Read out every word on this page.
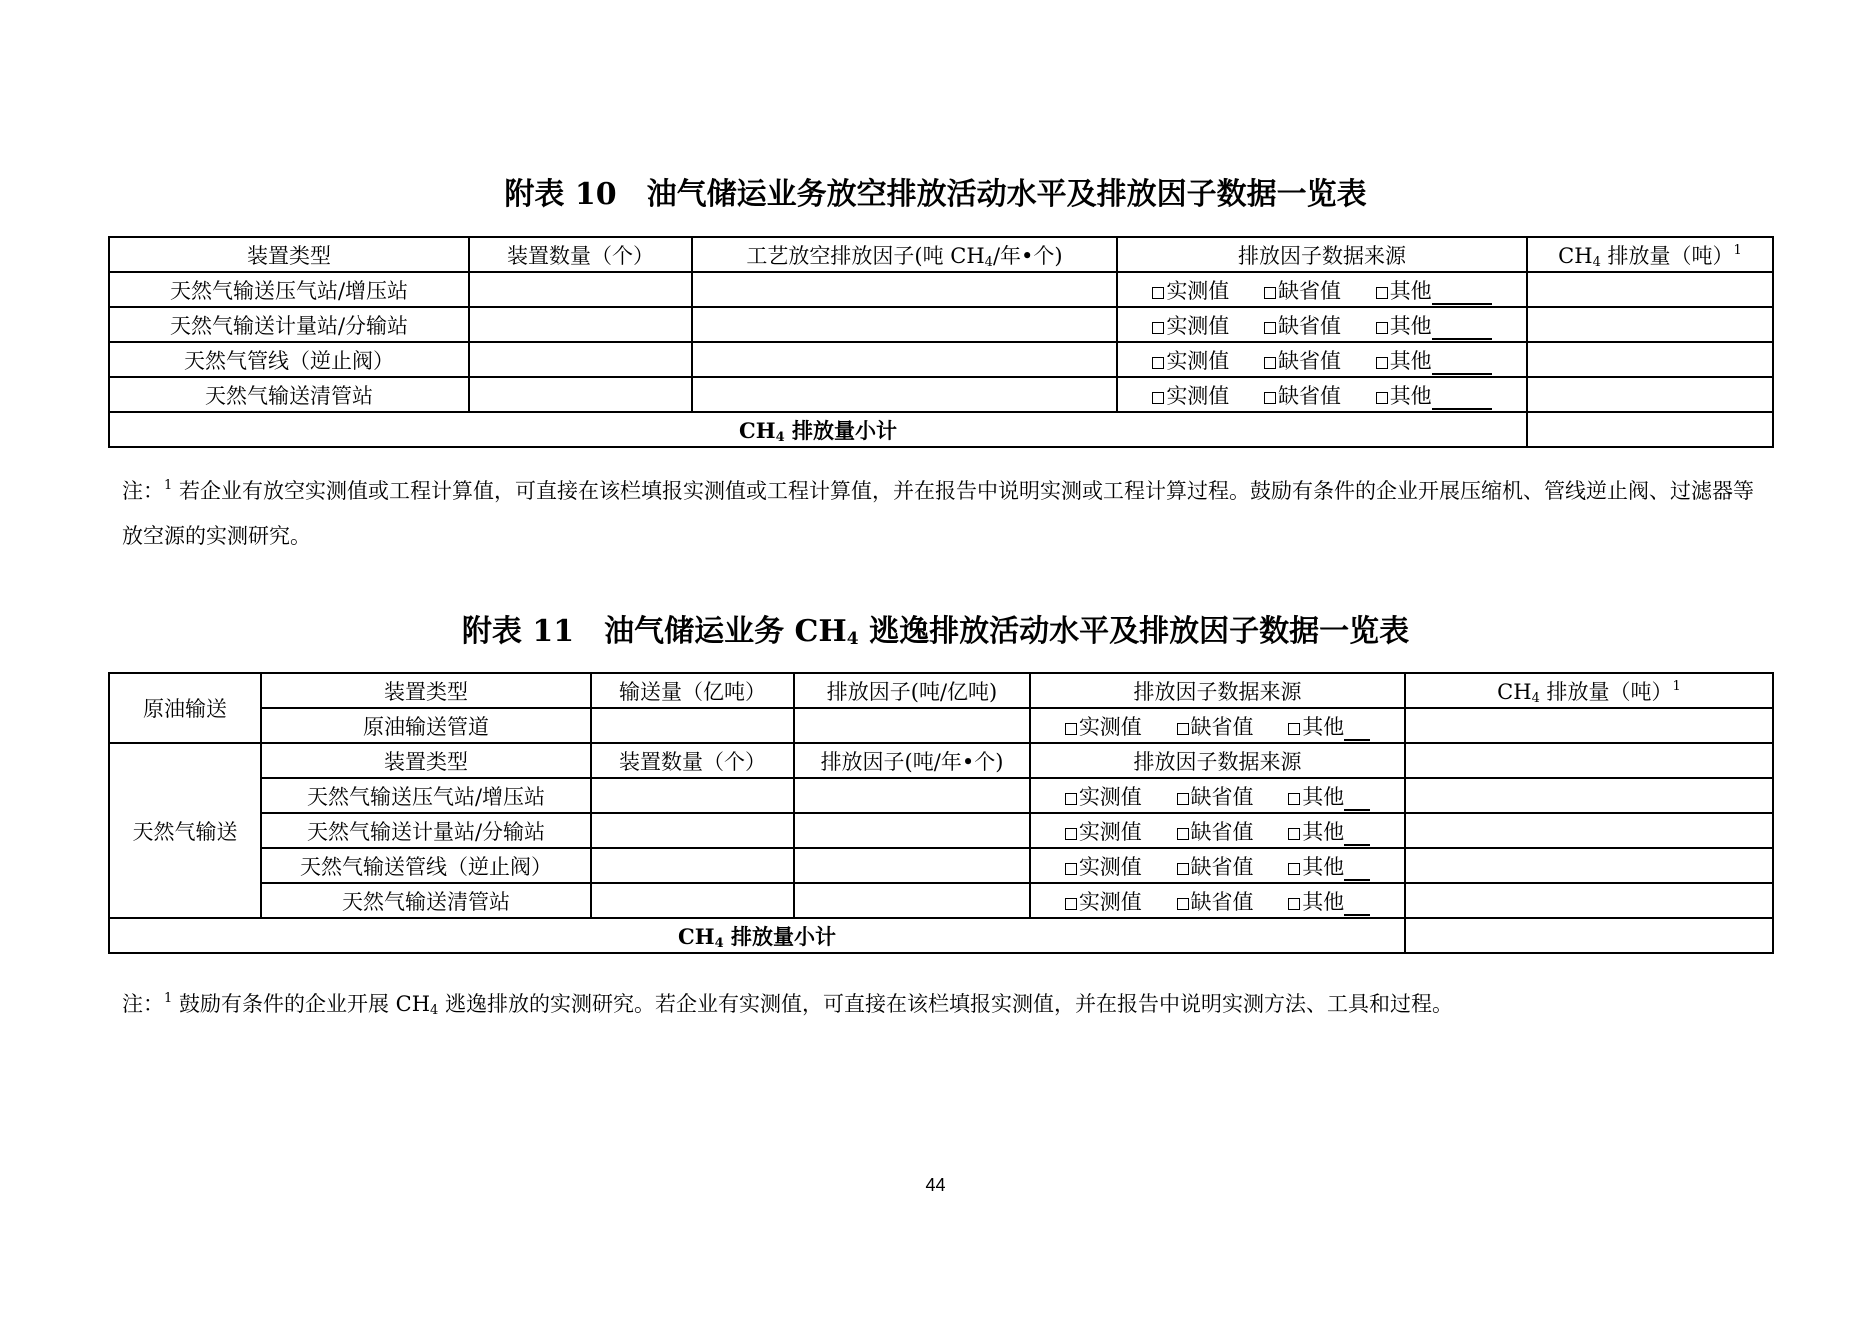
附表 10　油气储运业务放空排放活动水平及排放因子数据一览表
装置类型	装置数量（个）	工艺放空排放因子(吨 $CH_4/$年•个)	排放因子数据来源	$CH_4$ 排放量（吨）$^1$
天然气输送压气站/增压站			实测值 缺省值 其他	
天然气输送计量站/分输站			实测值 缺省值 其他	
天然气管线（逆止阀）			实测值 缺省值 其他	
天然气输送清管站			实测值 缺省值 其他	
$CH_4$ 排放量小计				

注：$^1$ 若企业有放空实测值或工程计算值，可直接在该栏填报实测值或工程计算值，并在报告中说明实测或工程计算过程。鼓励有条件的企业开展压缩机、管线逆止阀、过滤器等放空源的实测研究。

附表 11　油气储运业务 CH4 逃逸排放活动水平及排放因子数据一览表
原油输送	装置类型	输送量（亿吨）	排放因子(吨/亿吨)	排放因子数据来源	$CH_4$ 排放量（吨）$^1$
	原油输送管道			实测值 缺省值 其他	
天然气输送	装置类型	装置数量（个）	排放因子(吨/年•个)	排放因子数据来源	
	天然气输送压气站/增压站			实测值 缺省值 其他	
	天然气输送计量站/分输站			实测值 缺省值 其他	
	天然气输送管线（逆止阀）			实测值 缺省值 其他	
	天然气输送清管站			实测值 缺省值 其他	
$CH_4$ 排放量小计					

注：$^1$ 鼓励有条件的企业开展 $CH_4$ 逃逸排放的实测研究。若企业有实测值，可直接在该栏填报实测值，并在报告中说明实测方法、工具和过程。

44
